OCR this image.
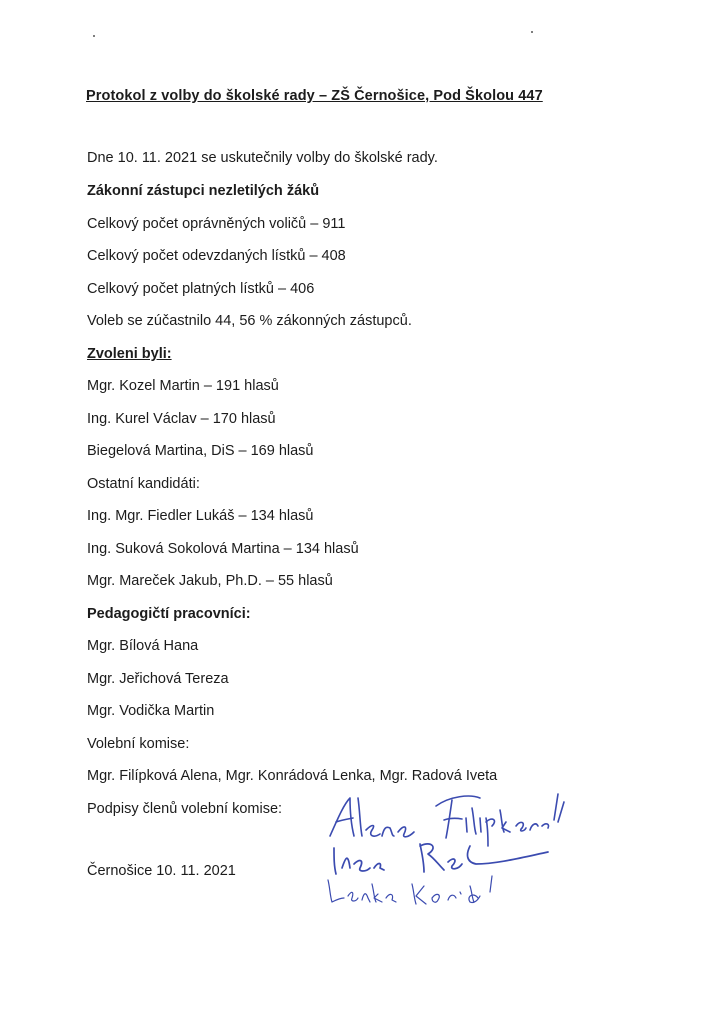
Protokol z volby do školské rady – ZŠ Černošice, Pod Školou 447
Dne 10. 11. 2021 se uskutečnily volby do školské rady.
Zákonní zástupci nezletilých žáků
Celkový počet oprávněných voličů – 911
Celkový počet odevzdaných lístků – 408
Celkový počet platných lístků – 406
Voleb se zúčastnilo 44, 56 % zákonných zástupců.
Zvoleni byli:
Mgr. Kozel Martin – 191 hlasů
Ing. Kurel Václav – 170 hlasů
Biegelová Martina, DiS – 169 hlasů
Ostatní kandidáti:
Ing. Mgr. Fiedler Lukáš – 134 hlasů
Ing. Suková Sokolová Martina – 134 hlasů
Mgr. Mareček Jakub, Ph.D. – 55 hlasů
Pedagogičtí pracovníci:
Mgr. Bílová Hana
Mgr. Jeřichová Tereza
Mgr. Vodička Martin
Volební komise:
Mgr. Filípková Alena, Mgr. Konrádová Lenka, Mgr. Radová Iveta
Podpisy členů volební komise:
Černošice 10. 11. 2021
